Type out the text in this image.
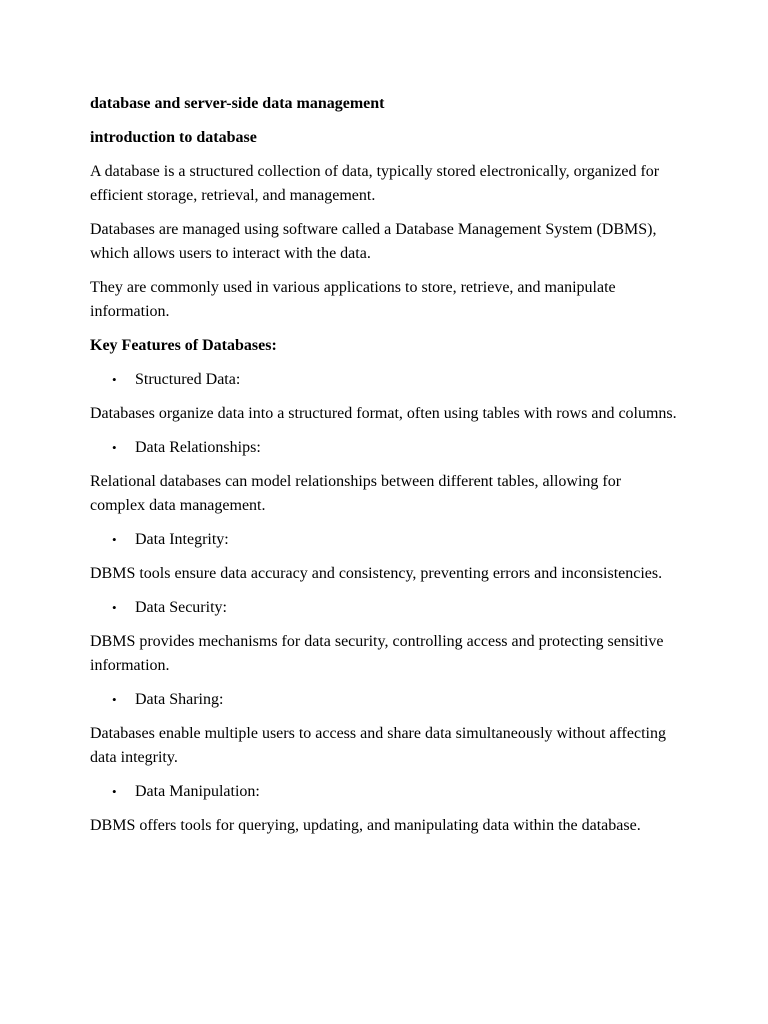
database and server-side data management

introduction to database

A database is a structured collection of data, typically stored electronically, organized for efficient storage, retrieval, and management.

Databases are managed using software called a Database Management System (DBMS), which allows users to interact with the data.

They are commonly used in various applications to store, retrieve, and manipulate information.

Key Features of Databases:

• Structured Data:

Databases organize data into a structured format, often using tables with rows and columns.

• Data Relationships:

Relational databases can model relationships between different tables, allowing for complex data management.

• Data Integrity:

DBMS tools ensure data accuracy and consistency, preventing errors and inconsistencies.

• Data Security:

DBMS provides mechanisms for data security, controlling access and protecting sensitive information.

• Data Sharing:

Databases enable multiple users to access and share data simultaneously without affecting data integrity.

• Data Manipulation:

DBMS offers tools for querying, updating, and manipulating data within the database.
